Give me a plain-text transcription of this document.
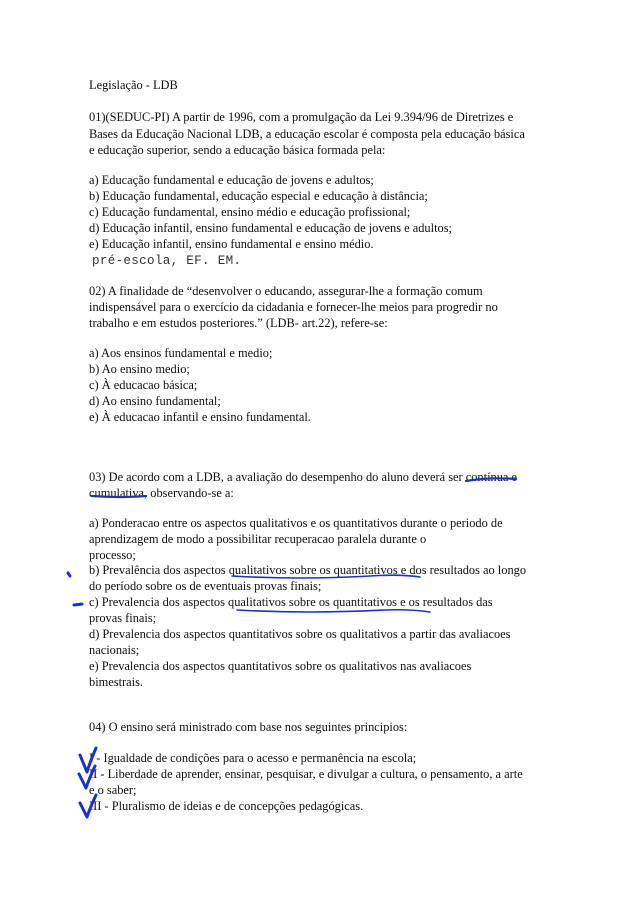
Legislação - LDB
01)(SEDUC-PI) A partir de 1996, com a promulgação da Lei 9.394/96 de Diretrizes e
Bases da Educação Nacional LDB, a educação escolar é composta pela educação básica
e educação superior, sendo a educação básica formada pela:
a) Educação fundamental e educação de jovens e adultos;
b) Educação fundamental, educação especial e educação à distância;
c) Educação fundamental, ensino médio e educação profissional;
d) Educação infantil, ensino fundamental e educação de jovens e adultos;
e) Educação infantil, ensino fundamental e ensino médio.
pré-escola, EF. EM.
02) A finalidade de “desenvolver o educando, assegurar-lhe a formação comum
indispensável para o exercício da cidadania e fornecer-lhe meios para progredir no
trabalho e em estudos posteriores.” (LDB- art.22), refere-se:
a) Aos ensinos fundamental e medio;
b) Ao ensino medio;
c) À educacao básica;
d) Ao ensino fundamental;
e) À educacao infantil e ensino fundamental.
03) De acordo com a LDB, a avaliação do desempenho do aluno deverá ser contínua e
cumulativa, observando-se a:
a) Ponderacao entre os aspectos qualitativos e os quantitativos durante o periodo de
aprendizagem de modo a possibilitar recuperacao paralela durante o
processo;
b) Prevalência dos aspectos qualitativos sobre os quantitativos e dos resultados ao longo
do período sobre os de eventuais provas finais;
c) Prevalencia dos aspectos qualitativos sobre os quantitativos e os resultados das
provas finais;
d) Prevalencia dos aspectos quantitativos sobre os qualitativos a partir das avaliacoes
nacionais;
e) Prevalencia dos aspectos quantitativos sobre os qualitativos nas avaliacoes
bimestrais.
04) O ensino será ministrado com base nos seguintes principios:
I - Igualdade de condições para o acesso e permanência na escola;
II - Liberdade de aprender, ensinar, pesquisar, e divulgar a cultura, o pensamento, a arte
e o saber;
III - Pluralismo de ideias e de concepções pedagógicas.
